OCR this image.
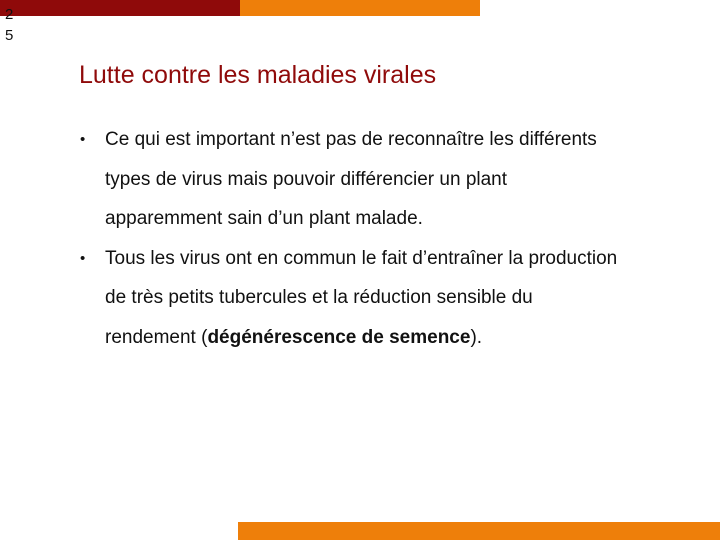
25
Lutte contre les maladies virales
• Ce qui est important n’est pas de reconnaître les différents types de virus mais pouvoir différencier un plant apparemment sain d’un plant malade.
• Tous les virus ont en commun le fait d’entraîner la production de très petits tubercules et la réduction sensible du rendement (dégénérescence de semence).
